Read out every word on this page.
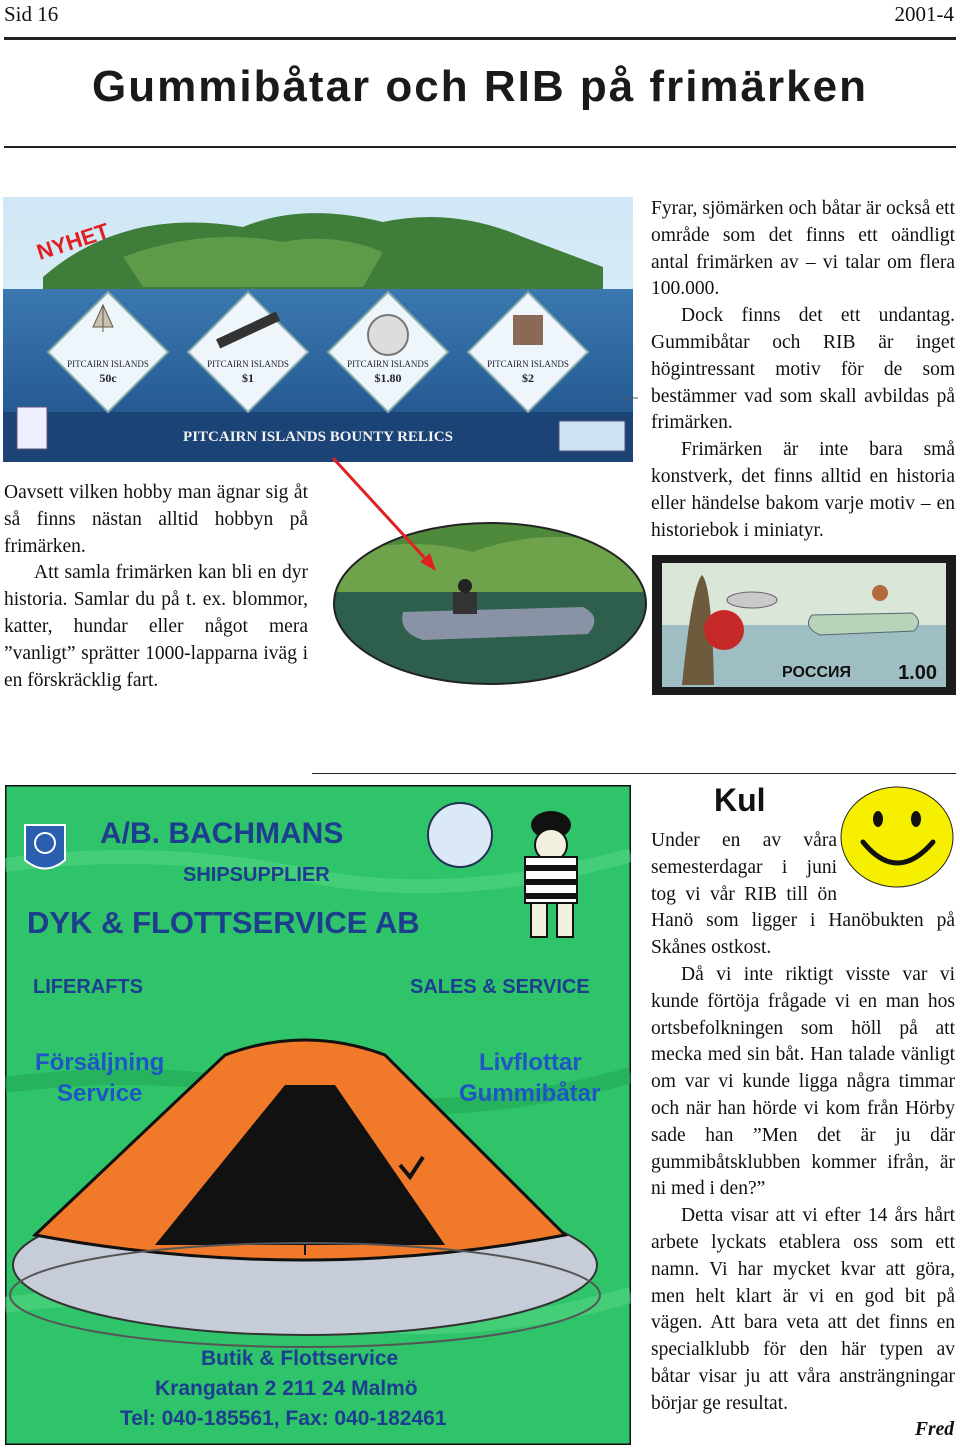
Sid 16	2001-4
Gummibåtar och RIB på frimärken
PITCAIRN ISLANDS
50c
PITCAIRN ISLANDS
$1
PITCAIRN ISLANDS
$1.80
PITCAIRN ISLANDS
$2
PITCAIRN ISLANDS BOUNTY RELICS
NYHET

Oavsett vilken hobby man ägnar sig åt så finns nästan alltid hobbyn på frimärken.

Att samla frimärken kan bli en dyr historia. Samlar du på t. ex. blommor, katter, hundar eller något mera ”vanligt” sprätter 1000-lapparna iväg i en förskräcklig fart.

Fyrar, sjömärken och båtar är också ett område som det finns ett oändligt antal frimärken av – vi talar om flera 100.000.

Dock finns det ett undantag. Gummibåtar och RIB är inget högintressant motiv för de som bestämmer vad som skall avbildas på frimärken.

Frimärken är inte bara små konstverk, det finns alltid en historia eller händelse bakom varje motiv – en historiebok i miniatyr.

РОССИЯ 1.00
A/B. BACHMANS
SHIPSUPPLIER
DYK & FLOTTSERVICE AB
LIFERAFTS	SALES & SERVICE
Försäljning
Service
Livflottar
Gummibåtar
Butik & Flottservice
Krangatan 2 211 24 Malmö
Tel: 040-185561, Fax: 040-182461
Kul

Under en av våra semesterdagar i juni tog vi vår RIB till ön Hanö som ligger i Hanöbukten på Skånes ostkost.

Då vi inte riktigt visste var vi kunde förtöja frågade vi en man hos ortsbefolkningen som höll på att mecka med sin båt. Han talade vänligt om var vi kunde ligga några timmar och när han hörde vi kom från Hörby sade han ”Men det är ju där gummibåtsklubben kommer ifrån, är ni med i den?”

Detta visar att vi efter 14 års hårt arbete lyckats etablera oss som ett namn. Vi har mycket kvar att göra, men helt klart är vi en god bit på vägen. Att bara veta att det finns en specialklubb för den här typen av båtar visar ju att våra ansträngningar börjar ge resultat.

Fred
